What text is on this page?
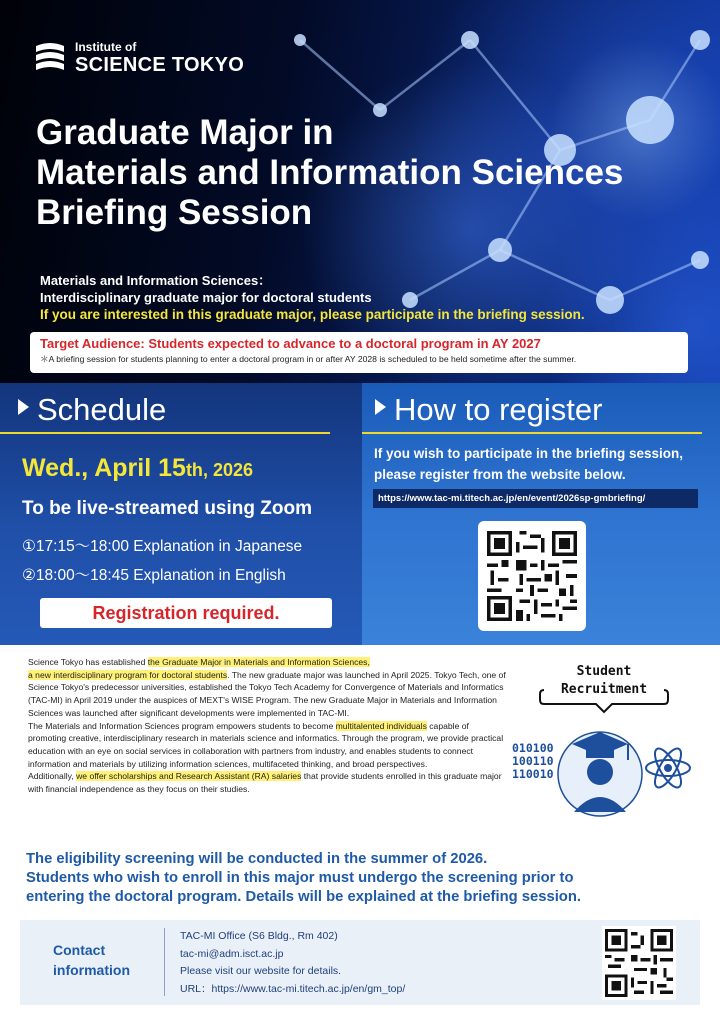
Institute of
SCIENCE TOKYO
Graduate Major in
Materials and Information Sciences
Briefing Session
Materials and Information Sciences：
Interdisciplinary graduate major for doctoral students
If you are interested in this graduate major, please participate in the briefing session.
Target Audience: Students expected to advance to a doctoral program in AY 2027
＊A briefing session for students planning to enter a doctoral program in or after AY 2028 is scheduled to be held sometime after the summer.
Schedule	How to register
Wed., April 15th, 2026
To be live-streamed using Zoom
①17:15～18:00 Explanation in Japanese
②18:00～18:45 Explanation in English
Registration required.
If you wish to participate in the briefing session,
please register from the website below.
https://www.tac-mi.titech.ac.jp/en/event/2026sp-gmbriefing/

Science Tokyo has established the Graduate Major in Materials and Information Sciences,
a new interdisciplinary program for doctoral students. The new graduate major was launched in April 2025. Tokyo Tech, one of Science Tokyo's predecessor universities, established the Tokyo Tech Academy for Convergence of Materials and Informatics (TAC-MI) in April 2019 under the auspices of MEXT's WISE Program. The new Graduate Major in Materials and Information Sciences was launched after significant developments were implemented in TAC-MI.

The Materials and Information Sciences program empowers students to become multitalented individuals capable of promoting creative, interdisciplinary research in materials science and informatics. Through the program, we provide practical education with an eye on social services in collaboration with partners from industry, and enables students to connect information and materials by utilizing information sciences, multifaceted thinking, and broad perspectives.

Additionally, we offer scholarships and Research Assistant (RA) salaries that provide students enrolled in this graduate major with financial independence as they focus on their studies.

Student
Recruitment
010100
100110
110010
The eligibility screening will be conducted in the summer of 2026.
Students who wish to enroll in this major must undergo the screening prior to
entering the doctoral program. Details will be explained at the briefing session.
Contact
information
TAC-MI Office (S6 Bldg., Rm 402)
tac-mi@adm.isct.ac.jp
Please visit our website for details.
URL：https://www.tac-mi.titech.ac.jp/en/gm_top/
